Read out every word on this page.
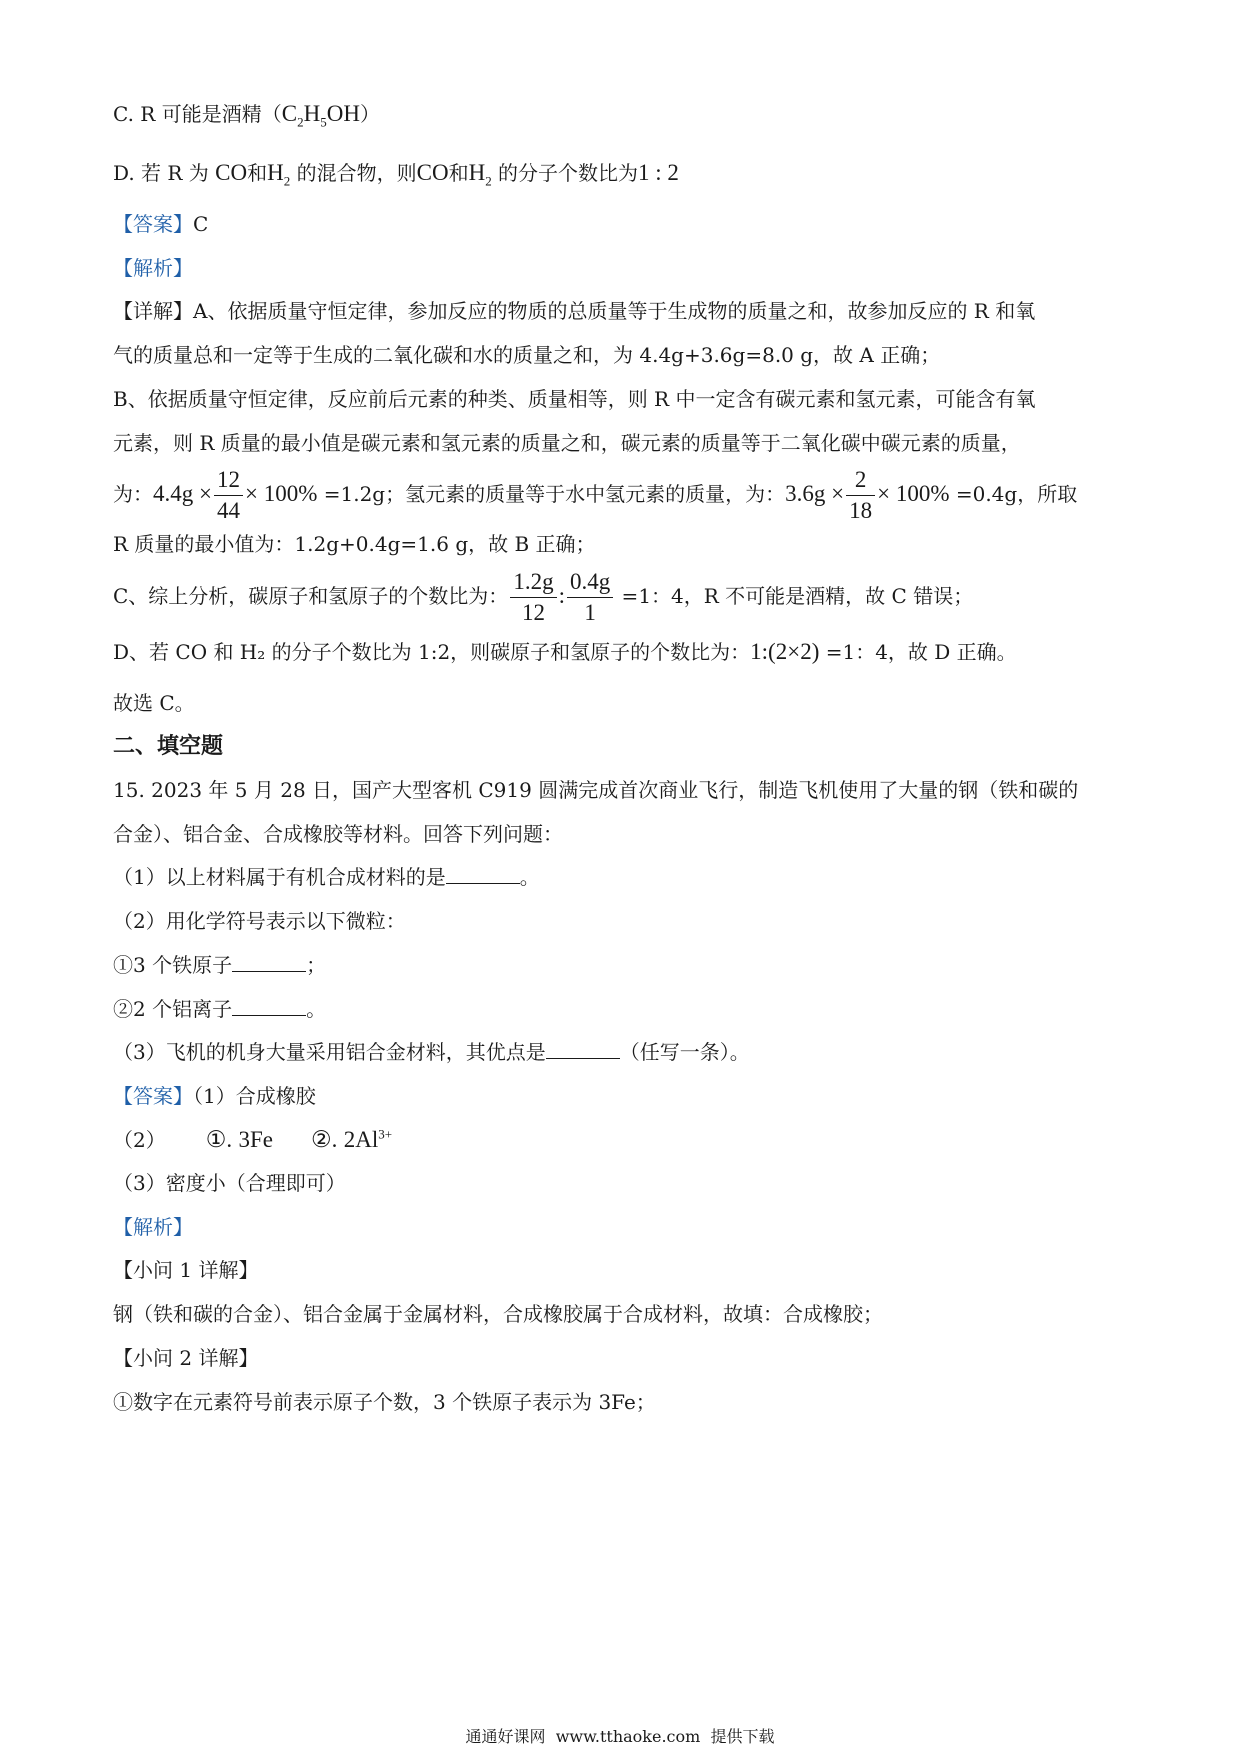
C. R 可能是酒精$(C_2H_5OH)$
D. 若 R 为 CO和$H_2$ 的混合物，则CO和$H_2$ 的分子个数比为1 : 2
【答案】C
【解析】
【详解】A、依据质量守恒定律，参加反应的物质的总质量等于生成物的质量之和，故参加反应的 R 和氧
气的质量总和一定等于生成的二氧化碳和水的质量之和，为 4.4g+3.6g=8.0 g，故 A 正确；
B、依据质量守恒定律，反应前后元素的种类、质量相等，则 R 中一定含有碳元素和氢元素，可能含有氧
元素，则 R 质量的最小值是碳元素和氢元素的质量之和，碳元素的质量等于二氧化碳中碳元素的质量，
为：$4.4g \times \frac{12}{44} \times 100\% =1.2g$；氢元素的质量等于水中氢元素的质量，为：$3.6g \times \frac{2}{18} \times 100\% =0.4g$，所取
R 质量的最小值为：1.2g+0.4g=1.6 g，故 B 正确；
C、综上分析，碳原子和氢原子的个数比为： $\frac{1.2g}{12}$ : $\frac{0.4g}{1} =1$：4，R 不可能是酒精，故 C 错误；
D、若 CO 和 H₂ 的分子个数比为 1:2，则碳原子和氢原子的个数比为：1:(2×2) =1：4，故 D 正确。
故选 C。
二、填空题
15. 2023 年 5 月 28 日，国产大型客机 C919 圆满完成首次商业飞行，制造飞机使用了大量的钢（铁和碳的
合金）、铝合金、合成橡胶等材料。回答下列问题：
（1）以上材料属于有机合成材料的是	。
（2）用化学符号表示以下微粒：
①3 个铁原子	；
②2 个铝离子	。
（3）飞机的机身大量采用铝合金材料，其优点是	（任写一条）。
【答案】（1）合成橡胶
（2） ①. 3Fe ②. $2Al^{3+}$
（3）密度小（合理即可）
【解析】
【小问 1 详解】
钢（铁和碳的合金）、铝合金属于金属材料，合成橡胶属于合成材料，故填：合成橡胶；
【小问 2 详解】
①数字在元素符号前表示原子个数，3 个铁原子表示为 3Fe；
通通好课网 www.tthaoke.com 提供下载
